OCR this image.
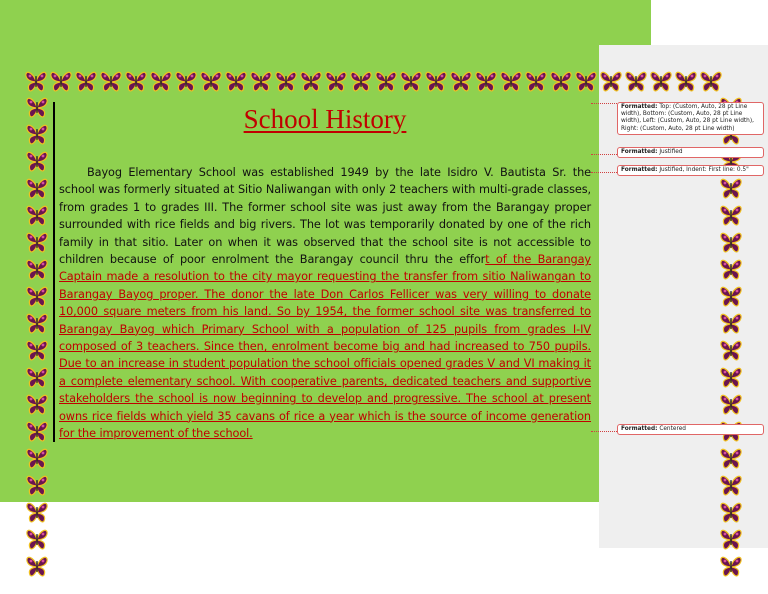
School History
Bayog Elementary School was established 1949 by the late Isidro V. Bautista Sr. the school was formerly situated at Sitio Naliwangan with only 2 teachers with multi-grade classes, from grades 1 to grades III. The former school site was just away from the Barangay proper surrounded with rice fields and big rivers. The lot was temporarily donated by one of the rich family in that sitio. Later on when it was observed that the school site is not accessible to children because of poor enrolment the Barangay council thru the effort of the Barangay Captain made a resolution to the city mayor requesting the transfer from sitio Naliwangan to Barangay Bayog proper. The donor the late Don Carlos Fellicer was very willing to donate 10,000 square meters from his land. So by 1954, the former school site was transferred to Barangay Bayog which Primary School with a population of 125 pupils from grades I-IV composed of 3 teachers. Since then, enrolment become big and had increased to 750 pupils. Due to an increase in student population the school officials opened grades V and VI making it a complete elementary school. With cooperative parents, dedicated teachers and supportive stakeholders the school is now beginning to develop and progressive. The school at present owns rice fields which yield 35 cavans of rice a year which is the source of income generation for the improvement of the school.
Formatted: Top: (Custom, Auto, 28 pt Line width), Bottom: (Custom, Auto, 28 pt Line width), Left: (Custom, Auto, 28 pt Line width), Right: (Custom, Auto, 28 pt Line width)
Formatted: Justified
Formatted: Justified, Indent: First line: 0.5"
Formatted: Centered
